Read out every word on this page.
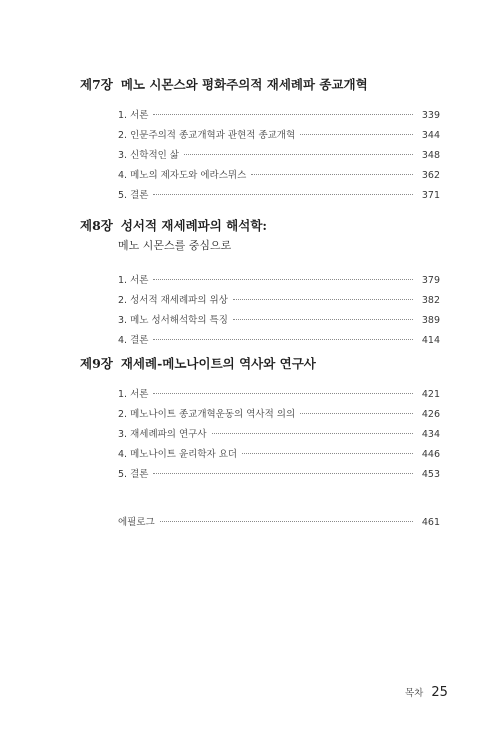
제7장 메노 시몬스와 평화주의적 재세례파 종교개혁
1. 서론	339
2. 인문주의적 종교개혁과 관현적 종교개혁	344
3. 신학적인 삶	348
4. 메노의 제자도와 에라스뮈스	362
5. 결론	371
제8장 성서적 재세례파의 해석학:
메노 시몬스를 중심으로
1. 서론	379
2. 성서적 재세례파의 위상	382
3. 메노 성서해석학의 특징	389
4. 결론	414
제9장 재세례-메노나이트의 역사와 연구사
1. 서론	421
2. 메노나이트 종교개혁운동의 역사적 의의	426
3. 재세례파의 연구사	434
4. 메노나이트 윤리학자 요더	446
5. 결론	453
에필로그	461
목차 25
